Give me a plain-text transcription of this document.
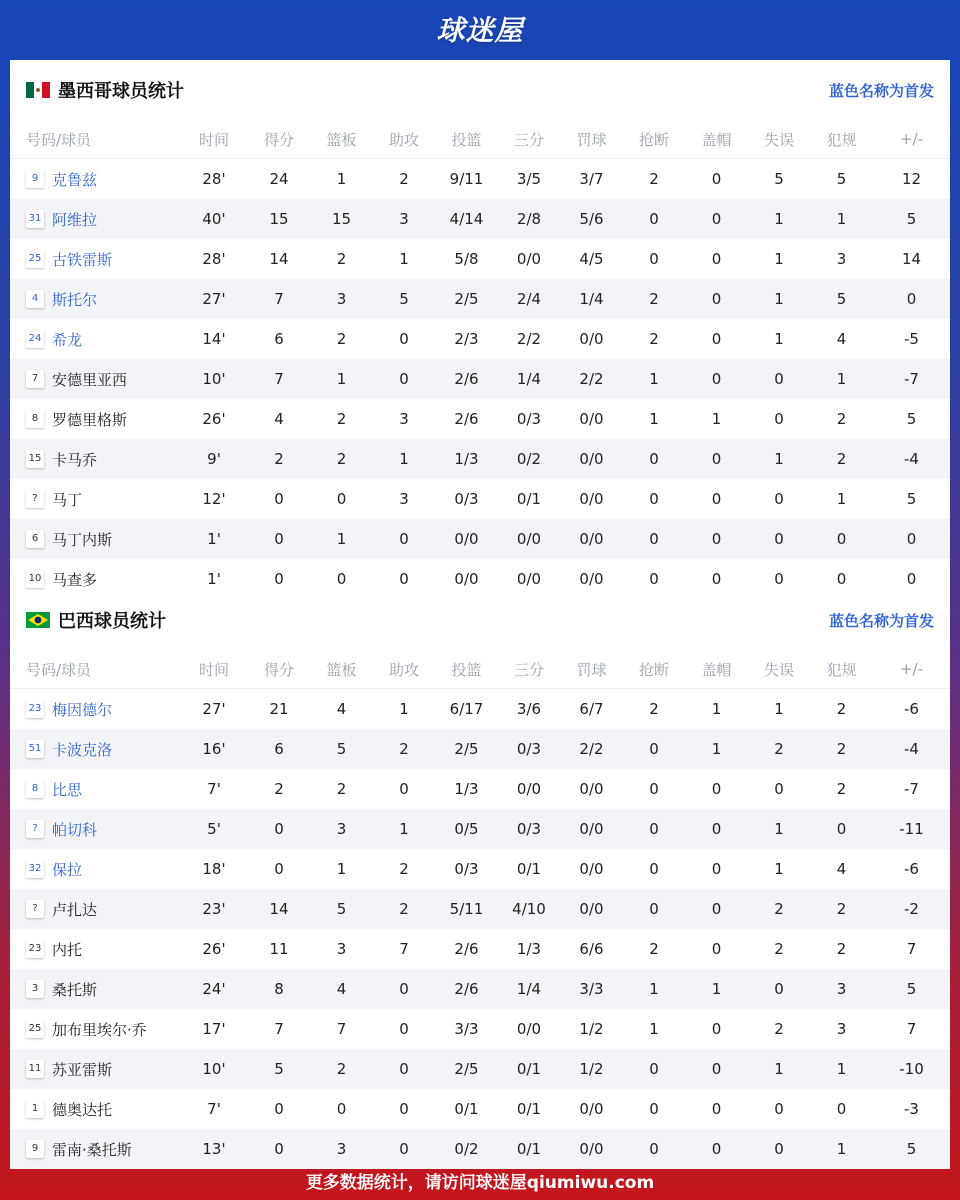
球迷屋
墨西哥球员统计	蓝色名称为首发
号码/球员	时间	得分	篮板	助攻	投篮	三分	罚球	抢断	盖帽	失误	犯规	+/-
9 克鲁兹	28'	24	1	2	9/11	3/5	3/7	2	0	5	5	12
31 阿维拉	40'	15	15	3	4/14	2/8	5/6	0	0	1	1	5
25 古铁雷斯	28'	14	2	1	5/8	0/0	4/5	0	0	1	3	14
4 斯托尔	27'	7	3	5	2/5	2/4	1/4	2	0	1	5	0
24 希龙	14'	6	2	0	2/3	2/2	0/0	2	0	1	4	-5
7 安德里亚西	10'	7	1	0	2/6	1/4	2/2	1	0	0	1	-7
8 罗德里格斯	26'	4	2	3	2/6	0/3	0/0	1	1	0	2	5
15 卡马乔	9'	2	2	1	1/3	0/2	0/0	0	0	1	2	-4
? 马丁	12'	0	0	3	0/3	0/1	0/0	0	0	0	1	5
6 马丁内斯	1'	0	1	0	0/0	0/0	0/0	0	0	0	0	0
10 马查多	1'	0	0	0	0/0	0/0	0/0	0	0	0	0	0
巴西球员统计	蓝色名称为首发
号码/球员	时间	得分	篮板	助攻	投篮	三分	罚球	抢断	盖帽	失误	犯规	+/-
23 梅因德尔	27'	21	4	1	6/17	3/6	6/7	2	1	1	2	-6
51 卡波克洛	16'	6	5	2	2/5	0/3	2/2	0	1	2	2	-4
8 比思	7'	2	2	0	1/3	0/0	0/0	0	0	0	2	-7
? 帕切科	5'	0	3	1	0/5	0/3	0/0	0	0	1	0	-11
32 保拉	18'	0	1	2	0/3	0/1	0/0	0	0	1	4	-6
? 卢扎达	23'	14	5	2	5/11	4/10	0/0	0	0	2	2	-2
23 内托	26'	11	3	7	2/6	1/3	6/6	2	0	2	2	7
3 桑托斯	24'	8	4	0	2/6	1/4	3/3	1	1	0	3	5
25 加布里埃尔·乔	17'	7	7	0	3/3	0/0	1/2	1	0	2	3	7
11 苏亚雷斯	10'	5	2	0	2/5	0/1	1/2	0	0	1	1	-10
1 德奥达托	7'	0	0	0	0/1	0/1	0/0	0	0	0	0	-3
9 雷南·桑托斯	13'	0	3	0	0/2	0/1	0/0	0	0	0	1	5
更多数据统计，请访问球迷屋qiumiwu.com
